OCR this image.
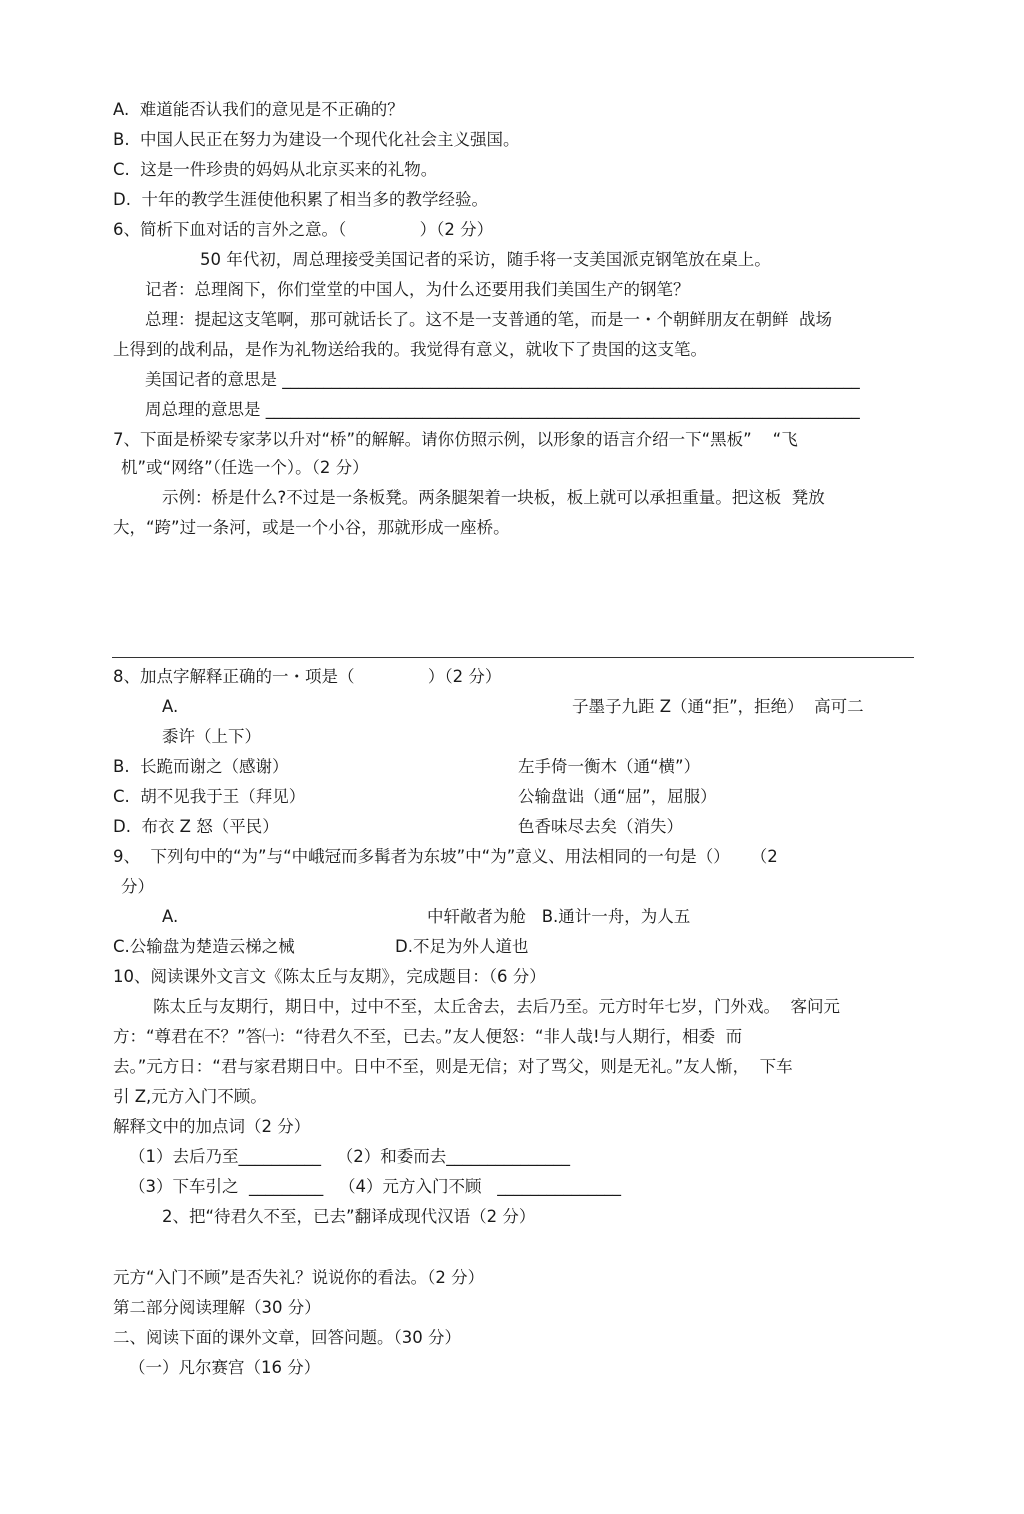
A.  难道能否认我们的意见是不正确的？
B.  中国人民正在努力为建设一个现代化社会主义强国。
C.  这是一件珍贵的妈妈从北京买来的礼物。
D.  十年的教学生涯使他积累了相当多的教学经验。
6、简析下血对话的言外之意。（              ）（2 分）
50 年代初，周总理接受美国记者的采访，随手将一支美国派克钢笔放在桌上。
记者：总理阁下，你们堂堂的中国人，为什么还要用我们美国生产的钢笔？
总理：提起这支笔啊，那可就话长了。这不是一支普通的笔，而是一・个朝鲜朋友在朝鲜  战场
上得到的战利品，是作为礼物送给我的。我觉得有意义，就收下了贵国的这支笔。
美国记者的意思是 ______________________________________________________________________
周总理的意思是 ________________________________________________________________________
7、下面是桥梁专家茅以升对“桥”的解解。请你仿照示例，以形象的语言介绍一下“黑板”    “飞
机”或“网络”（任选一个）。（2 分）
示例：桥是什么?不过是一条板凳。两条腿架着一块板，板上就可以承担重量。把这板  凳放
大，“跨”过一条河，或是一个小谷，那就形成一座桥。
8、加点字解释正确的一・项是（              ）（2 分）
A.	子墨子九距 Z（通“拒”，拒绝）  高可二
黍许（上下）
B.  长跪而谢之（感谢）	左手倚一衡木（通“横”）
C.  胡不见我于王（拜见）	公输盘诎（通“屈”，屈服）
D.  布衣 Z 怒（平民）	色香味尽去矣（消失）
9、  下列句中的“为”与“中峨冠而多髯者为东坡”中“为”意义、用法相同的一句是（）    （2
分）
A.	中轩敞者为舱   B.通计一舟，为人五
C.公输盘为楚造云梯之械	D.不足为外人道也
10、阅读课外文言文《陈太丘与友期》，完成题目：（6 分）
陈太丘与友期行，期日中，过中不至，太丘舍去，去后乃至。元方时年七岁，门外戏。  客问元
方：“尊君在不？”答㈠：“待君久不至，已去。”友人便怒：“非人哉!与人期行，相委  而
去。”元方日：“君与家君期日中。日中不至，则是无信；对了骂父，则是无礼。”友人惭，  下车
引 Z,元方入门不顾。
解释文中的加点词（2 分）
（1）去后乃至__________   （2）和委而去_______________
（3）下车引之  _________   （4）元方入门不顾   _______________
2、把“待君久不至，已去”翻译成现代汉语（2 分）
元方“入门不顾”是否失礼？说说你的看法。（2 分）
第二部分阅读理解（30 分）
二、阅读下面的课外文章，回答问题。（30 分）
（一）凡尔赛宫（16 分）
